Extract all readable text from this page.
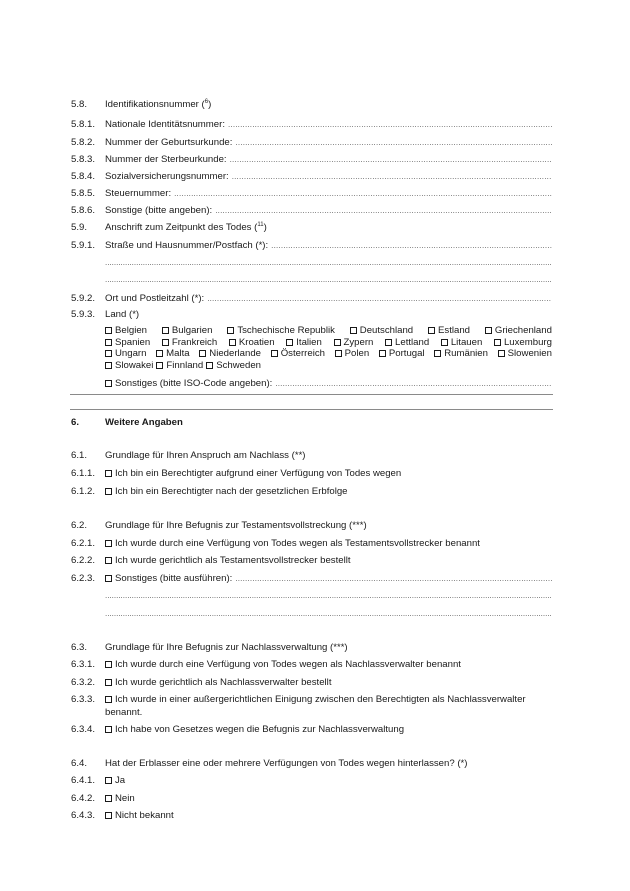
5.8.	Identifikationsnummer ($^6$)
5.8.1.	Nationale Identitätsnummer:
.....
5.8.2.	Nummer der Geburtsurkunde:
.....
5.8.3.	Nummer der Sterbeurkunde:
.....
5.8.4.	Sozialversicherungsnummer:
.....
5.8.5.	Steuernummer:
.....
5.8.6.	Sonstige (bitte angeben):
.....
5.9.	Anschrift zum Zeitpunkt des Todes ($^{11}$)
5.9.1.	Straße und Hausnummer/Postfach (*):
.....
.....
.....
5.9.2.	Ort und Postleitzahl (*):
.....
5.9.3.	Land (*)
Belgien	Bulgarien	Tschechische Republik	Deutschland	Estland	Griechenland
Spanien	Frankreich	Kroatien	Italien	Zypern	Lettland	Litauen	Luxemburg
Ungarn	Malta	Niederlande	Österreich	Polen	Portugal	Rumänien	Slowenien
Slowakei	Finnland	Schweden
Sonstiges (bitte ISO-Code angeben):
.....
6.	Weitere Angaben
6.1.	Grundlage für Ihren Anspruch am Nachlass (**)
6.1.1.	Ich bin ein Berechtigter aufgrund einer Verfügung von Todes wegen
6.1.2.	Ich bin ein Berechtigter nach der gesetzlichen Erbfolge
6.2.	Grundlage für Ihre Befugnis zur Testamentsvollstreckung (***)
6.2.1.	Ich wurde durch eine Verfügung von Todes wegen als Testamentsvollstrecker benannt
6.2.2.	Ich wurde gerichtlich als Testamentsvollstrecker bestellt
6.2.3.	Sonstiges (bitte ausführen):
.....
.....
.....
6.3.	Grundlage für Ihre Befugnis zur Nachlassverwaltung (***)
6.3.1.	Ich wurde durch eine Verfügung von Todes wegen als Nachlassverwalter benannt
6.3.2.	Ich wurde gerichtlich als Nachlassverwalter bestellt
6.3.3.	Ich wurde in einer außergerichtlichen Einigung zwischen den Berechtigten als Nachlassverwalter benannt.
6.3.4.	Ich habe von Gesetzes wegen die Befugnis zur Nachlassverwaltung
6.4.	Hat der Erblasser eine oder mehrere Verfügungen von Todes wegen hinterlassen? (*)
6.4.1.	Ja
6.4.2.	Nein
6.4.3.	Nicht bekannt
